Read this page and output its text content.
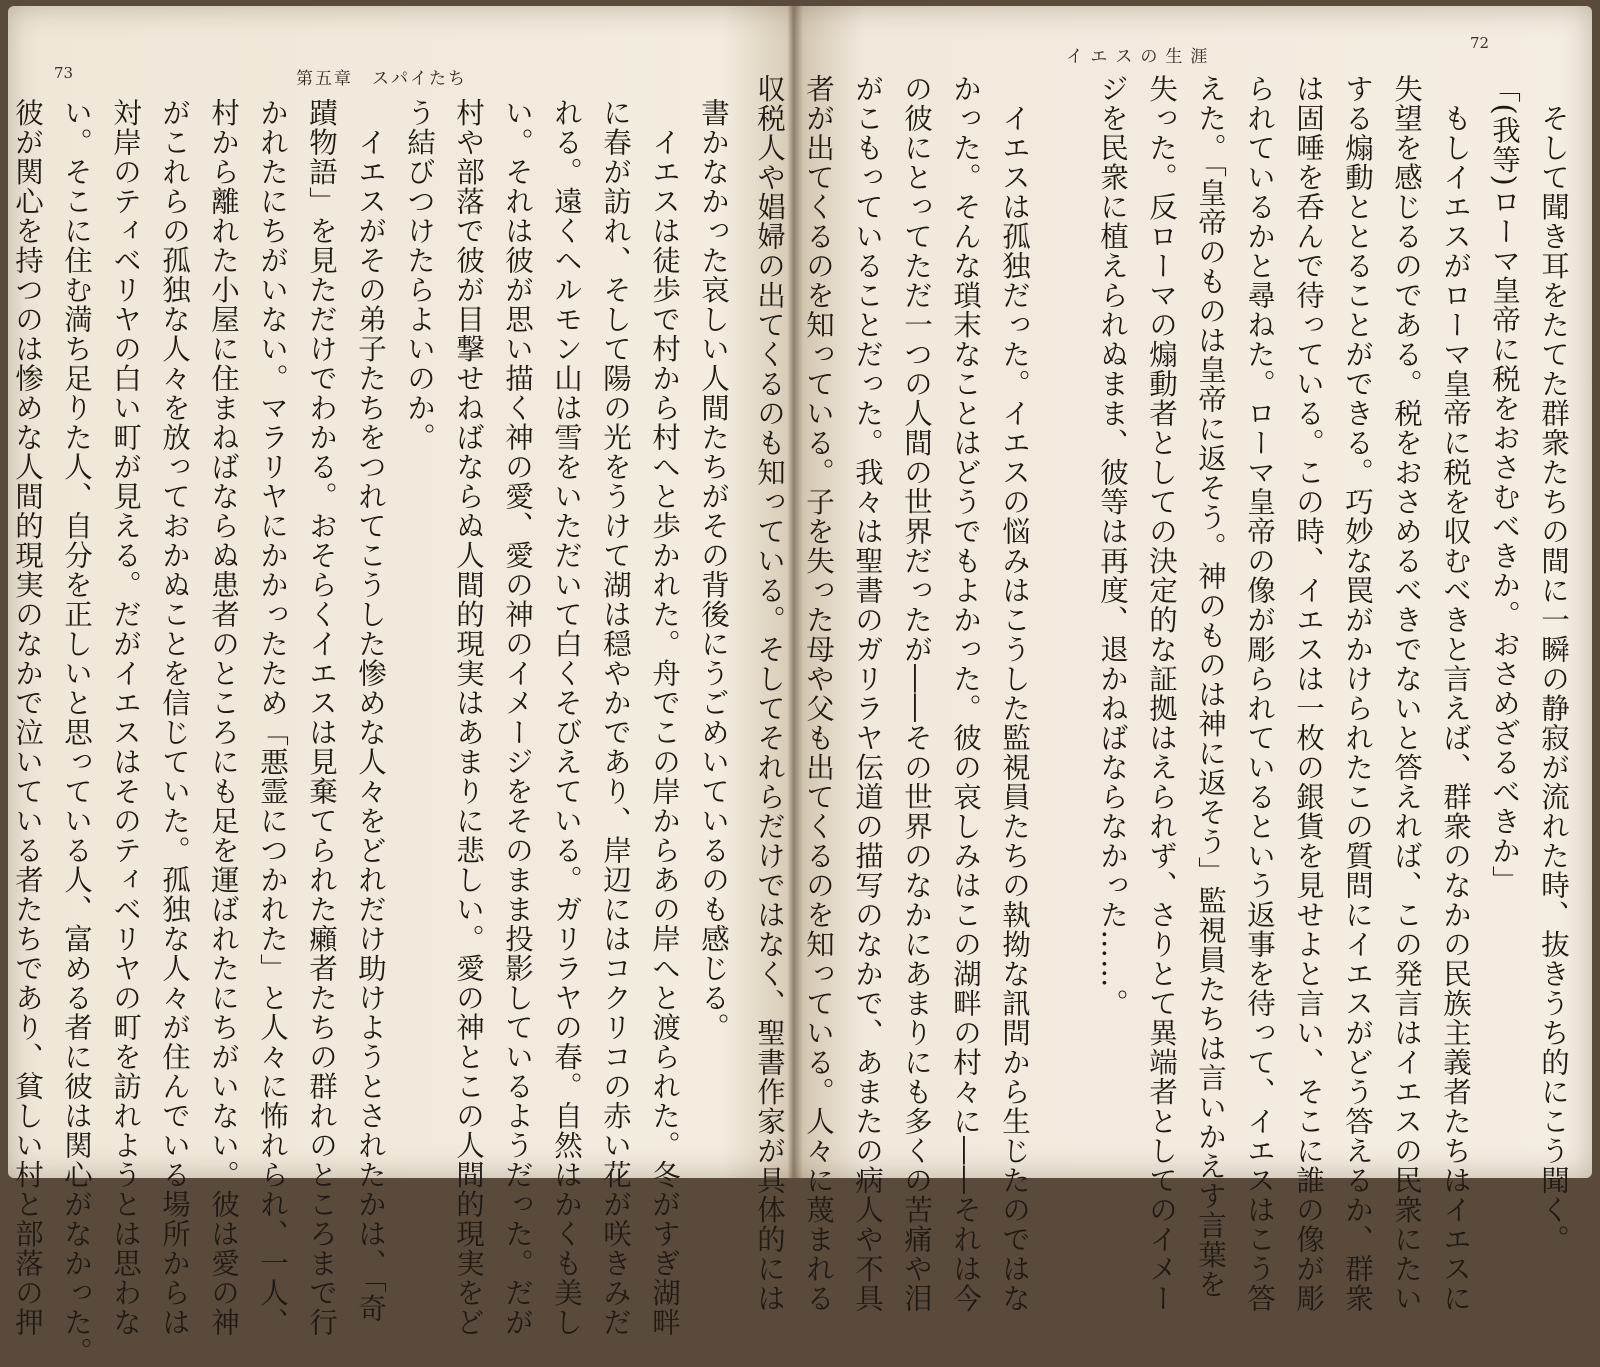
73	第五章　スパイたち
書かなかった哀しい人間たちがその背後にうごめいているのも感じる。
　イエスは徒歩で村から村へと歩かれた。舟でこの岸からあの岸へと渡られた。冬がすぎ湖畔
に春が訪れ、そして陽の光をうけて湖は穏やかであり、岸辺にはコクリコの赤い花が咲きみだ
れる。遠くヘルモン山は雪をいただいて白くそびえている。ガリラヤの春。自然はかくも美し
い。それは彼が思い描く神の愛、愛の神のイメージをそのまま投影しているようだった。だが
村や部落で彼が目撃せねばならぬ人間的現実はあまりに悲しい。愛の神とこの人間的現実をど
う結びつけたらよいのか。
　イエスがその弟子たちをつれてこうした惨めな人々をどれだけ助けようとされたかは、「奇
蹟物語」を見ただけでわかる。おそらくイエスは見棄てられた癩者たちの群れのところまで行
かれたにちがいない。マラリヤにかかったため「悪霊につかれた」と人々に怖れられ、一人、
村から離れた小屋に住まねばならぬ患者のところにも足を運ばれたにちがいない。彼は愛の神
がこれらの孤独な人々を放っておかぬことを信じていた。孤独な人々が住んでいる場所からは
対岸のティベリヤの白い町が見える。だがイエスはそのティベリヤの町を訪れようとは思わな
い。そこに住む満ち足りた人、自分を正しいと思っている人、富める者に彼は関心がなかった。
彼が関心を持つのは惨めな人間的現実のなかで泣いている者たちであり、貧しい村と部落の押
72
イエスの生涯
　そして聞き耳をたてた群衆たちの間に一瞬の静寂が流れた時、抜きうち的にこう聞く。
「(我等)ローマ皇帝に税をおさむべきか。おさめざるべきか」
　もしイエスがローマ皇帝に税を収むべきと言えば、群衆のなかの民族主義者たちはイエスに
失望を感じるのである。税をおさめるべきでないと答えれば、この発言はイエスの民衆にたい
する煽動ととることができる。巧妙な罠がかけられたこの質問にイエスがどう答えるか、群衆
は固唾を呑んで待っている。この時、イエスは一枚の銀貨を見せよと言い、そこに誰の像が彫
られているかと尋ねた。ローマ皇帝の像が彫られているという返事を待って、イエスはこう答
えた。「皇帝のものは皇帝に返そう。神のものは神に返そう」監視員たちは言いかえす言葉を
失った。反ローマの煽動者としての決定的な証拠はえられず、さりとて異端者としてのイメー
ジを民衆に植えられぬまま、彼等は再度、退かねばならなかった……。

　イエスは孤独だった。イエスの悩みはこうした監視員たちの執拗な訊問から生じたのではな
かった。そんな瑣末なことはどうでもよかった。彼の哀しみはこの湖畔の村々に――それは今
の彼にとってただ一つの人間の世界だったが――その世界のなかにあまりにも多くの苦痛や泪
がこもっていることだった。我々は聖書のガリラヤ伝道の描写のなかで、あまたの病人や不具
者が出てくるのを知っている。子を失った母や父も出てくるのを知っている。人々に蔑まれる
収税人や娼婦の出てくるのも知っている。そしてそれらだけではなく、聖書作家が具体的には
